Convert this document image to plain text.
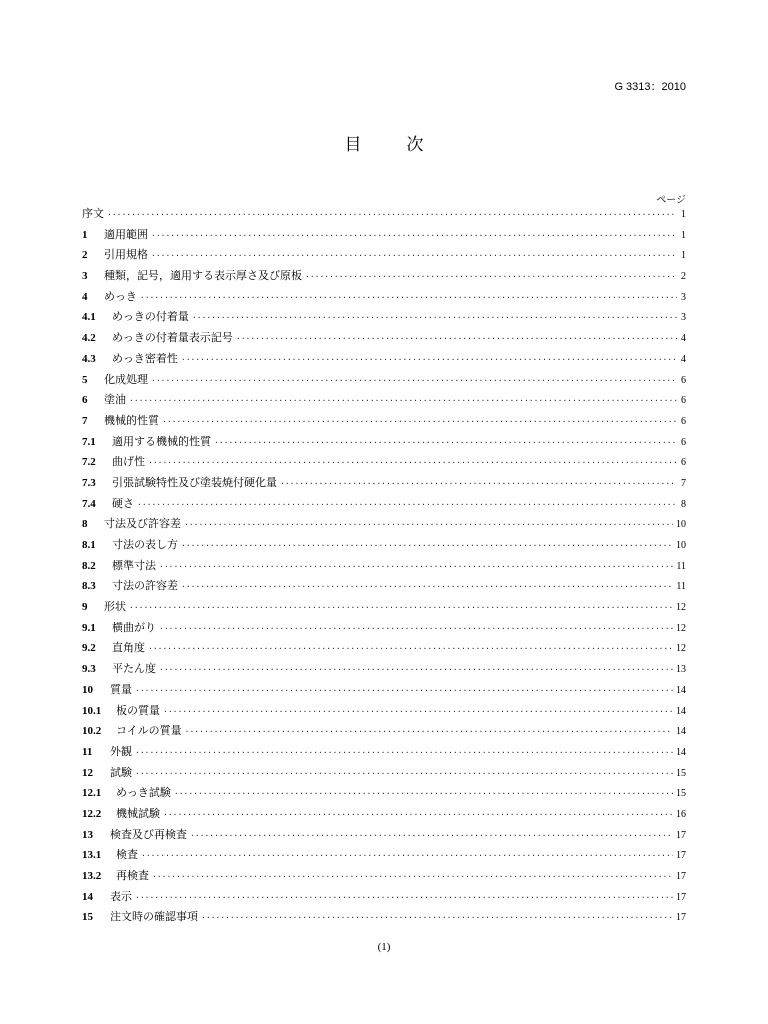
G 3313：2010
目　次
ページ
序文 ·····	1
1	適用範囲 ·····	1
2	引用規格 ·····	1
3	種類，記号，適用する表示厚さ及び原板 ·····	2
4	めっき ·····	3
4.1	めっきの付着量 ·····	3
4.2	めっきの付着量表示記号 ·····	4
4.3	めっき密着性 ·····	4
5	化成処理 ·····	6
6	塗油 ·····	6
7	機械的性質 ·····	6
7.1	適用する機械的性質 ·····	6
7.2	曲げ性 ·····	6
7.3	引張試験特性及び塗装焼付硬化量 ·····	7
7.4	硬さ ·····	8
8	寸法及び許容差 ·····	10
8.1	寸法の表し方 ·····	10
8.2	標準寸法 ·····	11
8.3	寸法の許容差 ·····	11
9	形状 ·····	12
9.1	横曲がり ·····	12
9.2	直角度 ·····	12
9.3	平たん度 ·····	13
10	質量 ·····	14
10.1	板の質量 ·····	14
10.2	コイルの質量 ·····	14
11	外観 ·····	14
12	試験 ·····	15
12.1	めっき試験 ·····	15
12.2	機械試験 ·····	16
13	検査及び再検査 ·····	17
13.1	検査 ·····	17
13.2	再検査 ·····	17
14	表示 ·····	17
15	注文時の確認事項 ·····	17
(1)
